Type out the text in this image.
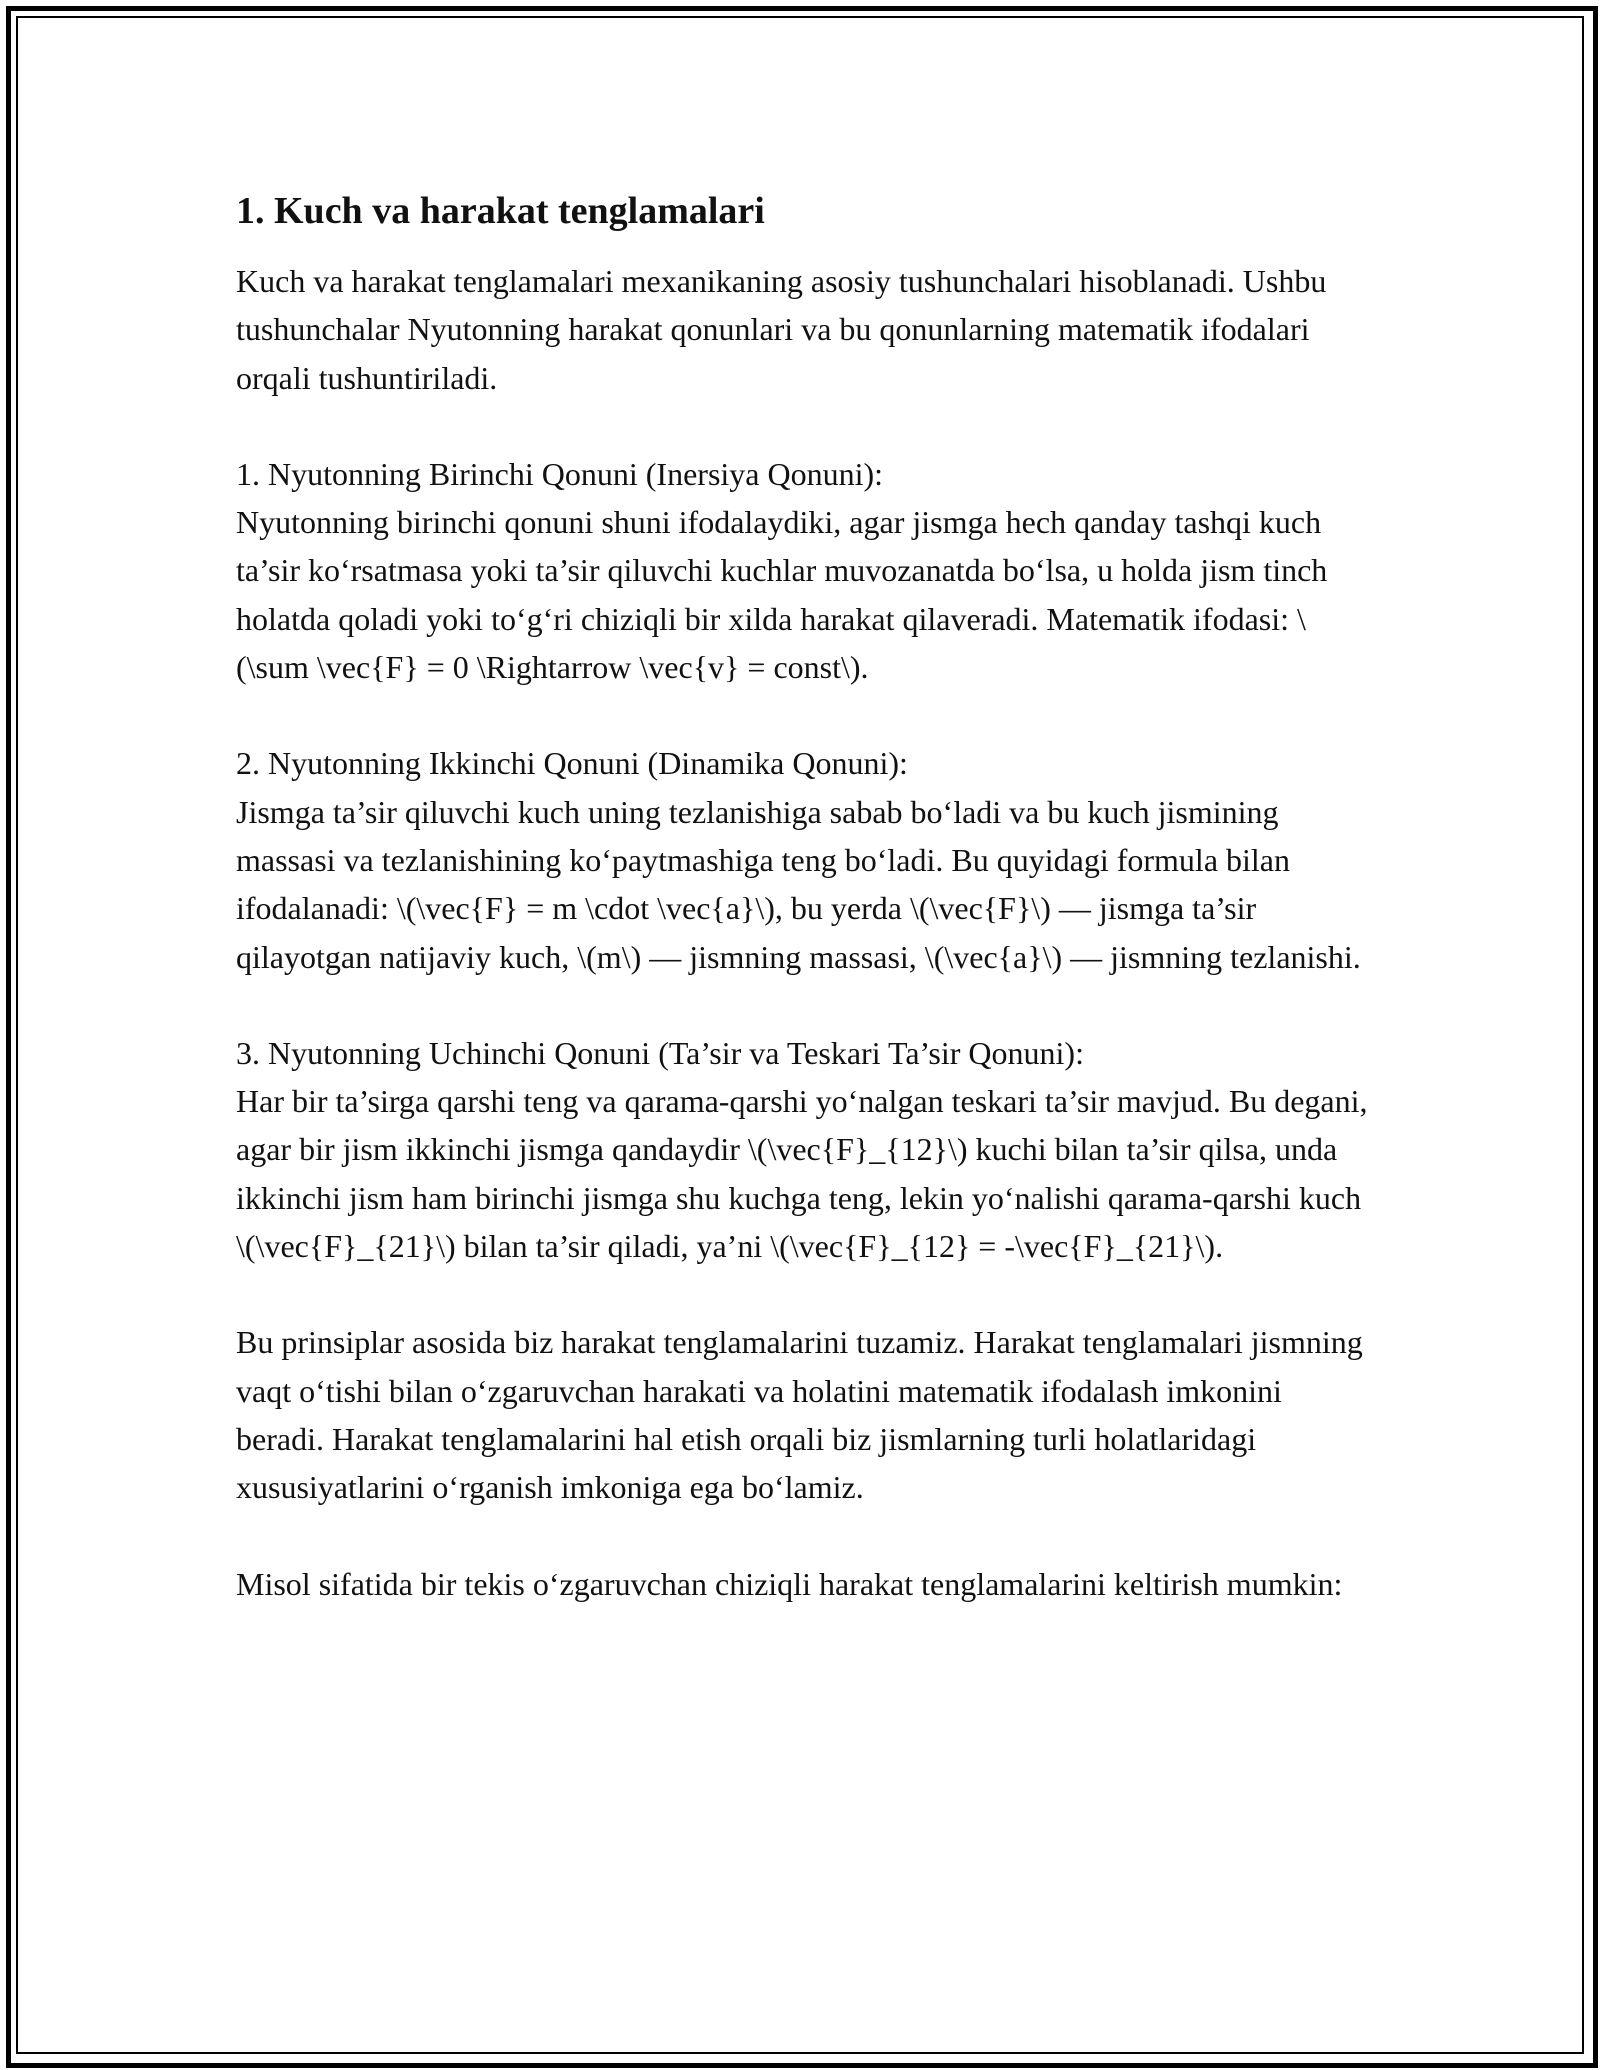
1. Kuch va harakat tenglamalari

Kuch va harakat tenglamalari mexanikaning asosiy tushunchalari hisoblanadi. Ushbu tushunchalar Nyutonning harakat qonunlari va bu qonunlarning matematik ifodalari orqali tushuntiriladi.

1. Nyutonning Birinchi Qonuni (Inersiya Qonuni):
Nyutonning birinchi qonuni shuni ifodalaydiki, agar jismga hech qanday tashqi kuch ta’sir ko‘rsatmasa yoki ta’sir qiluvchi kuchlar muvozanatda bo‘lsa, u holda jism tinch holatda qoladi yoki to‘g‘ri chiziqli bir xilda harakat qilaveradi. Matematik ifodasi: \(\sum \vec{F} = 0 \Rightarrow \vec{v} = const\).

2. Nyutonning Ikkinchi Qonuni (Dinamika Qonuni):
Jismga ta’sir qiluvchi kuch uning tezlanishiga sabab bo‘ladi va bu kuch jismining massasi va tezlanishining ko‘paytmashiga teng bo‘ladi. Bu quyidagi formula bilan ifodalanadi: \(\vec{F} = m \cdot \vec{a}\), bu yerda \(\vec{F}\) — jismga ta’sir qilayotgan natijaviy kuch, \(m\) — jismning massasi, \(\vec{a}\) — jismning tezlanishi.

3. Nyutonning Uchinchi Qonuni (Ta’sir va Teskari Ta’sir Qonuni):
Har bir ta’sirga qarshi teng va qarama-qarshi yo‘nalgan teskari ta’sir mavjud. Bu degani, agar bir jism ikkinchi jismga qandaydir \(\vec{F}_{12}\) kuchi bilan ta’sir qilsa, unda ikkinchi jism ham birinchi jismga shu kuchga teng, lekin yo‘nalishi qarama-qarshi kuch \(\vec{F}_{21}\) bilan ta’sir qiladi, ya’ni \(\vec{F}_{12} = -\vec{F}_{21}\).

Bu prinsiplar asosida biz harakat tenglamalarini tuzamiz. Harakat tenglamalari jismning vaqt o‘tishi bilan o‘zgaruvchan harakati va holatini matematik ifodalash imkonini beradi. Harakat tenglamalarini hal etish orqali biz jismlarning turli holatlaridagi xususiyatlarini o‘rganish imkoniga ega bo‘lamiz.

Misol sifatida bir tekis o‘zgaruvchan chiziqli harakat tenglamalarini keltirish mumkin:
